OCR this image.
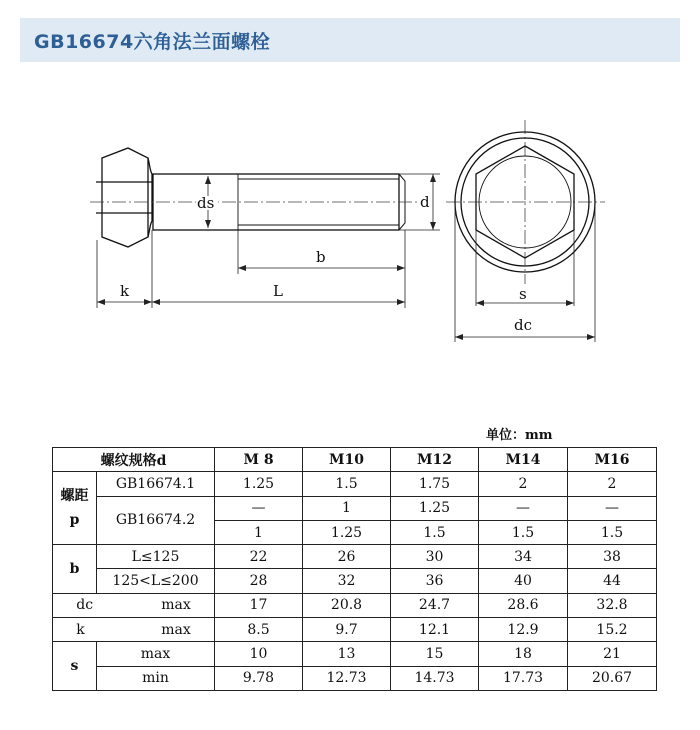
GB16674六角法兰面螺栓
ds
b
k	L
d
s
dc
单位：mm
螺纹规格d		M 8	M10	M12	M14	M16
螺距
p	GB16674.1	1.25	1.5	1.75	2	2
	GB16674.2	—	1	1.25	—	—
		1	1.25	1.5	1.5	1.5
b	L≤125	22	26	30	34	38
	125<L≤200	28	32	36	40	44
dc max		17	20.8	24.7	28.6	32.8
k max		8.5	9.7	12.1	12.9	15.2
s	max	10	13	15	18	21
	min	9.78	12.73	14.73	17.73	20.67
